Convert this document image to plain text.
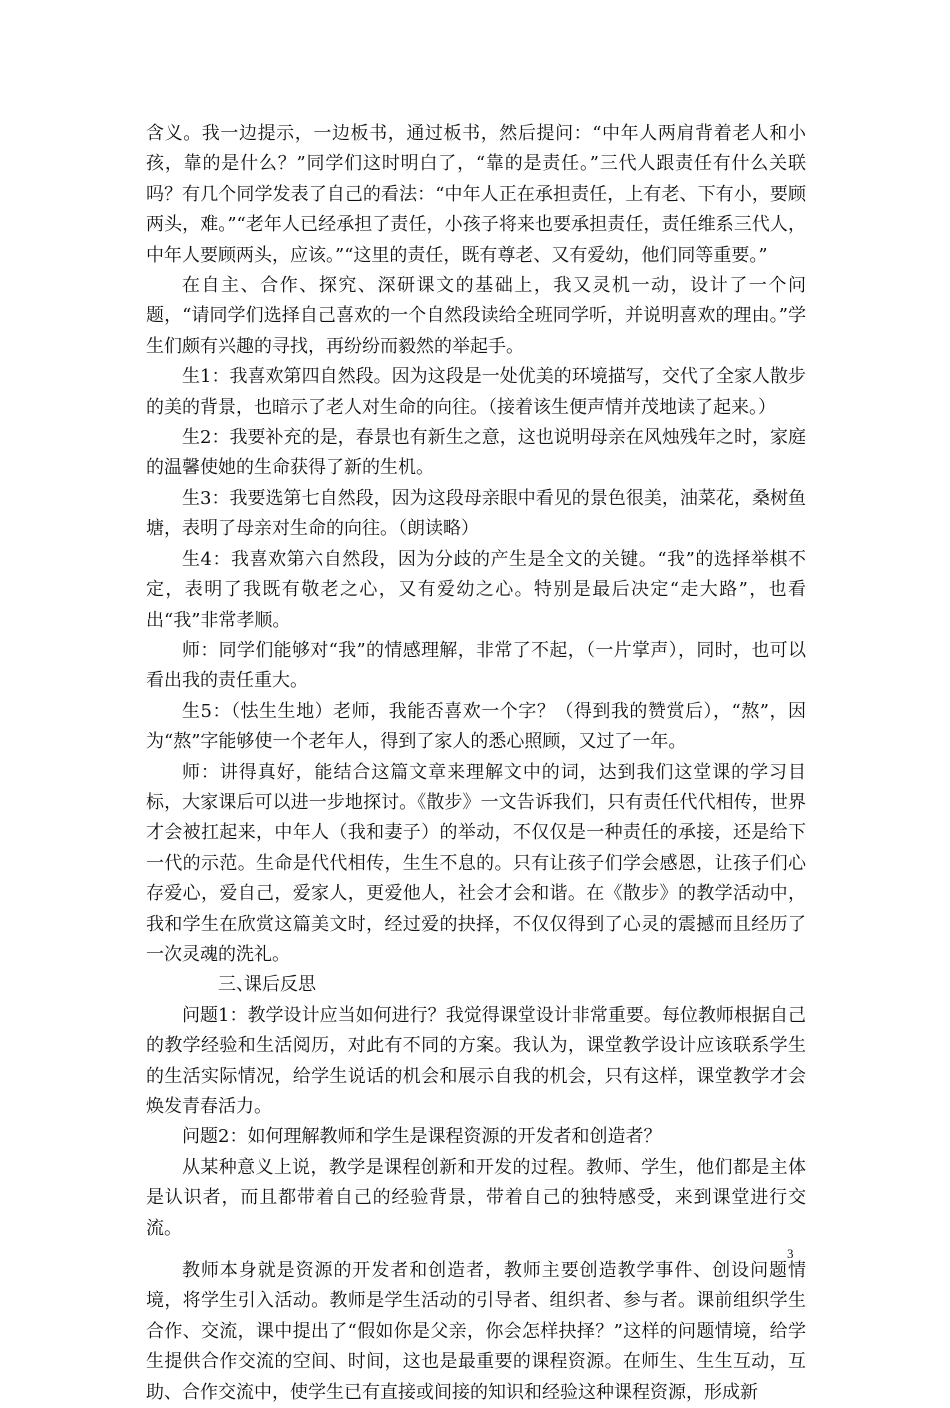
含义。我一边提示，一边板书，通过板书，然后提问：“中年人两肩背着老人和小孩，靠的是什么？”同学们这时明白了，“靠的是责任。”三代人跟责任有什么关联吗？有几个同学发表了自己的看法：“中年人正在承担责任，上有老、下有小，要顾两头，难。”“老年人已经承担了责任，小孩子将来也要承担责任，责任维系三代人，中年人要顾两头，应该。”“这里的责任，既有尊老、又有爱幼，他们同等重要。”

在自主、合作、探究、深研课文的基础上，我又灵机一动，设计了一个问题，“请同学们选择自己喜欢的一个自然段读给全班同学听，并说明喜欢的理由。”学生们颇有兴趣的寻找，再纷纷而毅然的举起手。

生1：我喜欢第四自然段。因为这段是一处优美的环境描写，交代了全家人散步的美的背景，也暗示了老人对生命的向往。（接着该生便声情并茂地读了起来。）

生2：我要补充的是，春景也有新生之意，这也说明母亲在风烛残年之时，家庭的温馨使她的生命获得了新的生机。

生3：我要选第七自然段，因为这段母亲眼中看见的景色很美，油菜花，桑树鱼塘，表明了母亲对生命的向往。（朗读略）

生4：我喜欢第六自然段，因为分歧的产生是全文的关键。“我”的选择举棋不定，表明了我既有敬老之心，又有爱幼之心。特别是最后决定“走大路”，也看出“我”非常孝顺。

师：同学们能够对“我”的情感理解，非常了不起，（一片掌声），同时，也可以看出我的责任重大。

生5：（怯生生地）老师，我能否喜欢一个字？（得到我的赞赏后），“熬”，因为“熬”字能够使一个老年人，得到了家人的悉心照顾，又过了一年。

师：讲得真好，能结合这篇文章来理解文中的词，达到我们这堂课的学习目标，大家课后可以进一步地探讨。《散步》一文告诉我们，只有责任代代相传，世界才会被扛起来，中年人（我和妻子）的举动，不仅仅是一种责任的承接，还是给下一代的示范。生命是代代相传，生生不息的。只有让孩子们学会感恩，让孩子们心存爱心，爱自己，爱家人，更爱他人，社会才会和谐。在《散步》的教学活动中，我和学生在欣赏这篇美文时，经过爱的抉择，不仅仅得到了心灵的震撼而且经历了一次灵魂的洗礼。

三、课后反思

问题1：教学设计应当如何进行？我觉得课堂设计非常重要。每位教师根据自己的教学经验和生活阅历，对此有不同的方案。我认为，课堂教学设计应该联系学生的生活实际情况，给学生说话的机会和展示自我的机会，只有这样，课堂教学才会焕发青春活力。

问题2：如何理解教师和学生是课程资源的开发者和创造者？

从某种意义上说，教学是课程创新和开发的过程。教师、学生，他们都是主体是认识者，而且都带着自己的经验背景，带着自己的独特感受，来到课堂进行交流。

教师本身就是资源的开发者和创造者，教师主要创造教学事件、创设问题情境，将学生引入活动。教师是学生活动的引导者、组织者、参与者。课前组织学生合作、交流，课中提出了“假如你是父亲，你会怎样抉择？”这样的问题情境，给学生提供合作交流的空间、时间，这也是最重要的课程资源。在师生、生生互动，互助、合作交流中，使学生已有直接或间接的知识和经验这种课程资源，形成新

3
